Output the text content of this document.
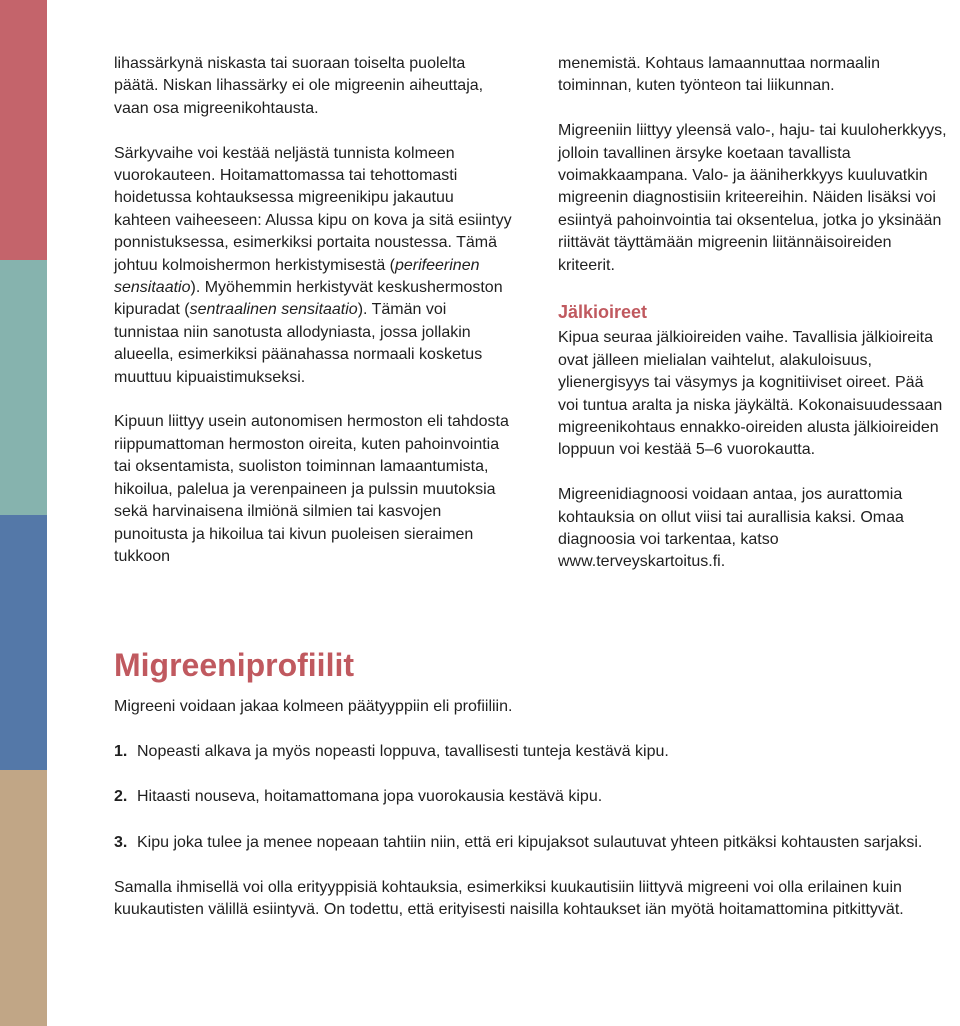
lihassärkynä niskasta tai suoraan toiselta puolelta päätä. Niskan lihassärky ei ole migreenin aiheuttaja, vaan osa migreenikohtausta.

Särkyvaihe voi kestää neljästä tunnista kolmeen vuorokauteen. Hoitamattomassa tai tehottomasti hoidetussa kohtauksessa migreenikipu jakautuu kahteen vaiheeseen: Alussa kipu on kova ja sitä esiintyy ponnistuksessa, esimerkiksi portaita noustessa. Tämä johtuu kolmoishermon herkistymisestä (perifeerinen sensitaatio). Myöhemmin herkistyvät keskushermoston kipuradat (sentraalinen sensitaatio). Tämän voi tunnistaa niin sanotusta allodyniasta, jossa jollakin alueella, esimerkiksi päänahassa normaali kosketus muuttuu kipuaistimukseksi.

Kipuun liittyy usein autonomisen hermoston eli tahdosta riippumattoman hermoston oireita, kuten pahoinvointia tai oksentamista, suoliston toiminnan lamaantumista, hikoilua, palelua ja verenpaineen ja pulssin muutoksia sekä harvinaisena ilmiönä silmien tai kasvojen punoitusta ja hikoilua tai kivun puoleisen sieraimen tukkoon

menemistä. Kohtaus lamaannuttaa normaalin toiminnan, kuten työnteon tai liikunnan.

Migreeniin liittyy yleensä valo-, haju- tai kuuloherkkyys, jolloin tavallinen ärsyke koetaan tavallista voimakkaampana. Valo- ja ääniherkkyys kuuluvatkin migreenin diagnostisiin kriteereihin. Näiden lisäksi voi esiintyä pahoinvointia tai oksentelua, jotka jo yksinään riittävät täyttämään migreenin liitännäisoireiden kriteerit.

Jälkioireet

Kipua seuraa jälkioireiden vaihe. Tavallisia jälkioireita ovat jälleen mielialan vaihtelut, alakuloisuus, ylienergisyys tai väsymys ja kognitiiviset oireet. Pää voi tuntua aralta ja niska jäykältä. Kokonaisuudessaan migreenikohtaus ennakko-oireiden alusta jälkioireiden loppuun voi kestää 5–6 vuorokautta.

Migreenidiagnoosi voidaan antaa, jos aurattomia kohtauksia on ollut viisi tai aurallisia kaksi. Omaa diagnoosia voi tarkentaa, katso www.terveyskartoitus.fi.

Migreeniprofiilit

Migreeni voidaan jakaa kolmeen päätyyppiin eli profiiliin.

1. Nopeasti alkava ja myös nopeasti loppuva, tavallisesti tunteja kestävä kipu.
2. Hitaasti nouseva, hoitamattomana jopa vuorokausia kestävä kipu.
3. Kipu joka tulee ja menee nopeaan tahtiin niin, että eri kipujaksot sulautuvat yhteen pitkäksi kohtausten sarjaksi.

Samalla ihmisellä voi olla erityyppisiä kohtauksia, esimerkiksi kuukautisiin liittyvä migreeni voi olla erilainen kuin kuukautisten välillä esiintyvä. On todettu, että erityisesti naisilla kohtaukset iän myötä hoitamattomina pitkittyvät.
